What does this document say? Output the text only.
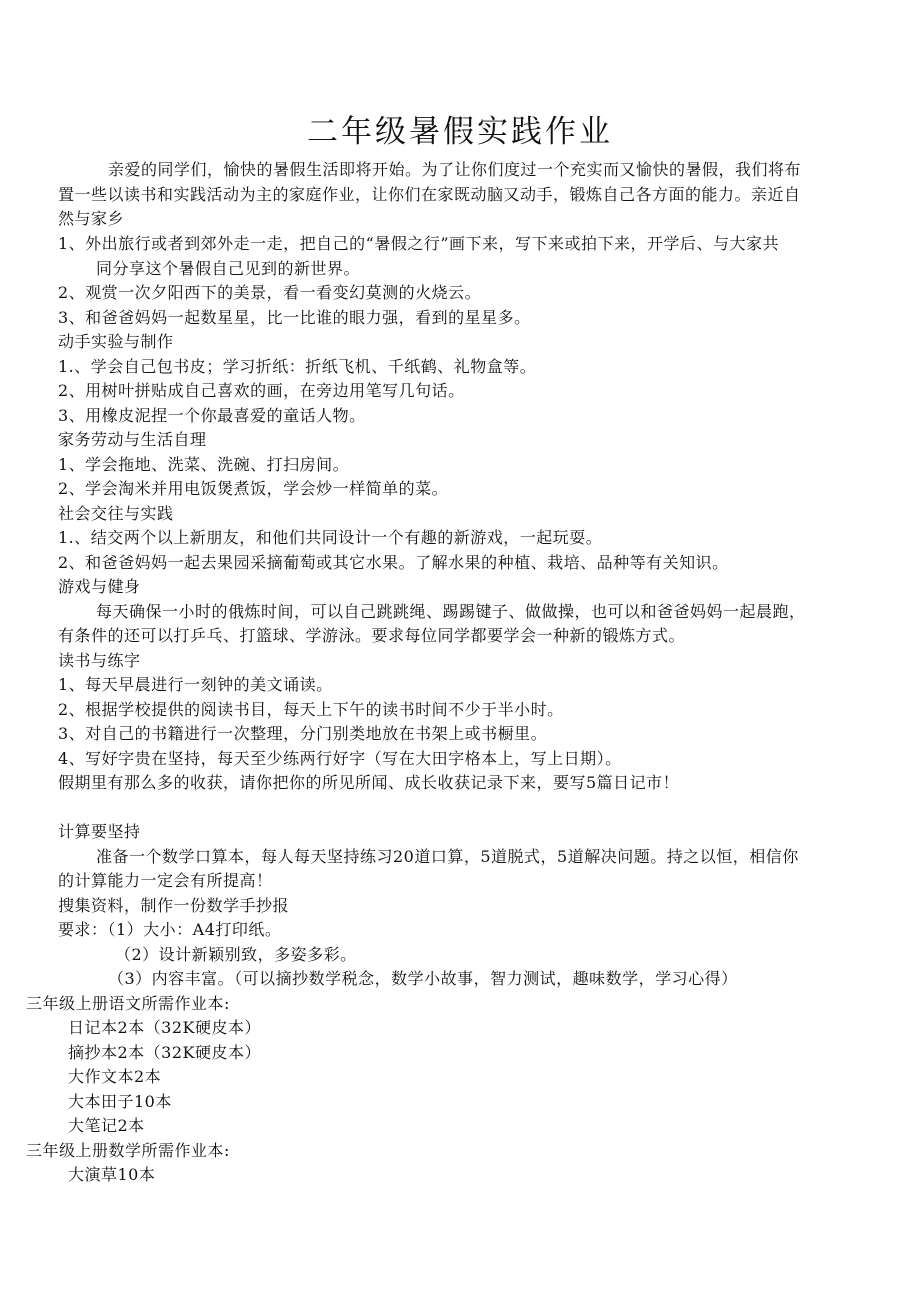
二年级暑假实践作业
亲爱的同学们，愉快的暑假生活即将开始。为了让你们度过一个充实而又愉快的暑假，我们将布
置一些以读书和实践活动为主的家庭作业，让你们在家既动脑又动手，锻炼自己各方面的能力。亲近自
然与家乡
1、外出旅行或者到郊外走一走，把自己的“暑假之行”画下来，写下来或拍下来，开学后、与大家共
同分享这个暑假自己见到的新世界。
2、观赏一次夕阳西下的美景，看一看变幻莫测的火烧云。
3、和爸爸妈妈一起数星星，比一比谁的眼力强，看到的星星多。
动手实验与制作
1.、学会自己包书皮；学习折纸：折纸飞机、千纸鹤、礼物盒等。
2、用树叶拼贴成自己喜欢的画，在旁边用笔写几句话。
3、用橡皮泥捏一个你最喜爱的童话人物。
家务劳动与生活自理
1、学会拖地、洗菜、洗碗、打扫房间。
2、学会淘米并用电饭煲煮饭，学会炒一样简单的菜。
社会交往与实践
1.、结交两个以上新朋友，和他们共同设计一个有趣的新游戏，一起玩耍。
2、和爸爸妈妈一起去果园采摘葡萄或其它水果。了解水果的种植、栽培、品种等有关知识。
游戏与健身
每天确保一小时的俄炼时间，可以自己跳跳绳、踢踢键子、做做操，也可以和爸爸妈妈一起晨跑，
有条件的还可以打乒乓、打篮球、学游泳。要求每位同学都要学会一种新的锻炼方式。
读书与练字
1、每天早晨进行一刻钟的美文诵读。
2、根据学校提供的阅读书目，每天上下午的读书时间不少于半小时。
3、对自己的书籍进行一次整理，分门别类地放在书架上或书橱里。
4、写好字贵在坚持，每天至少练两行好字（写在大田字格本上，写上日期）。
假期里有那么多的收获，请你把你的所见所闻、成长收获记录下来，要写5篇日记市！
计算要坚持
准备一个数学口算本，每人每天坚持练习20道口算，5道脱式，5道解决问题。持之以恒，相信你
的计算能力一定会有所提高！
搜集资料，制作一份数学手抄报
要求：（1）大小：A4打印纸。
（2）设计新颖别致，多姿多彩。
（3）内容丰富。（可以摘抄数学税念，数学小故事，智力测试，趣味数学，学习心得）
三年级上册语文所需作业本:
日记本2本（32K硬皮本）
摘抄本2本（32K硬皮本）
大作文本2本
大本田子10本
大笔记2本
三年级上册数学所需作业本:
大演草10本
